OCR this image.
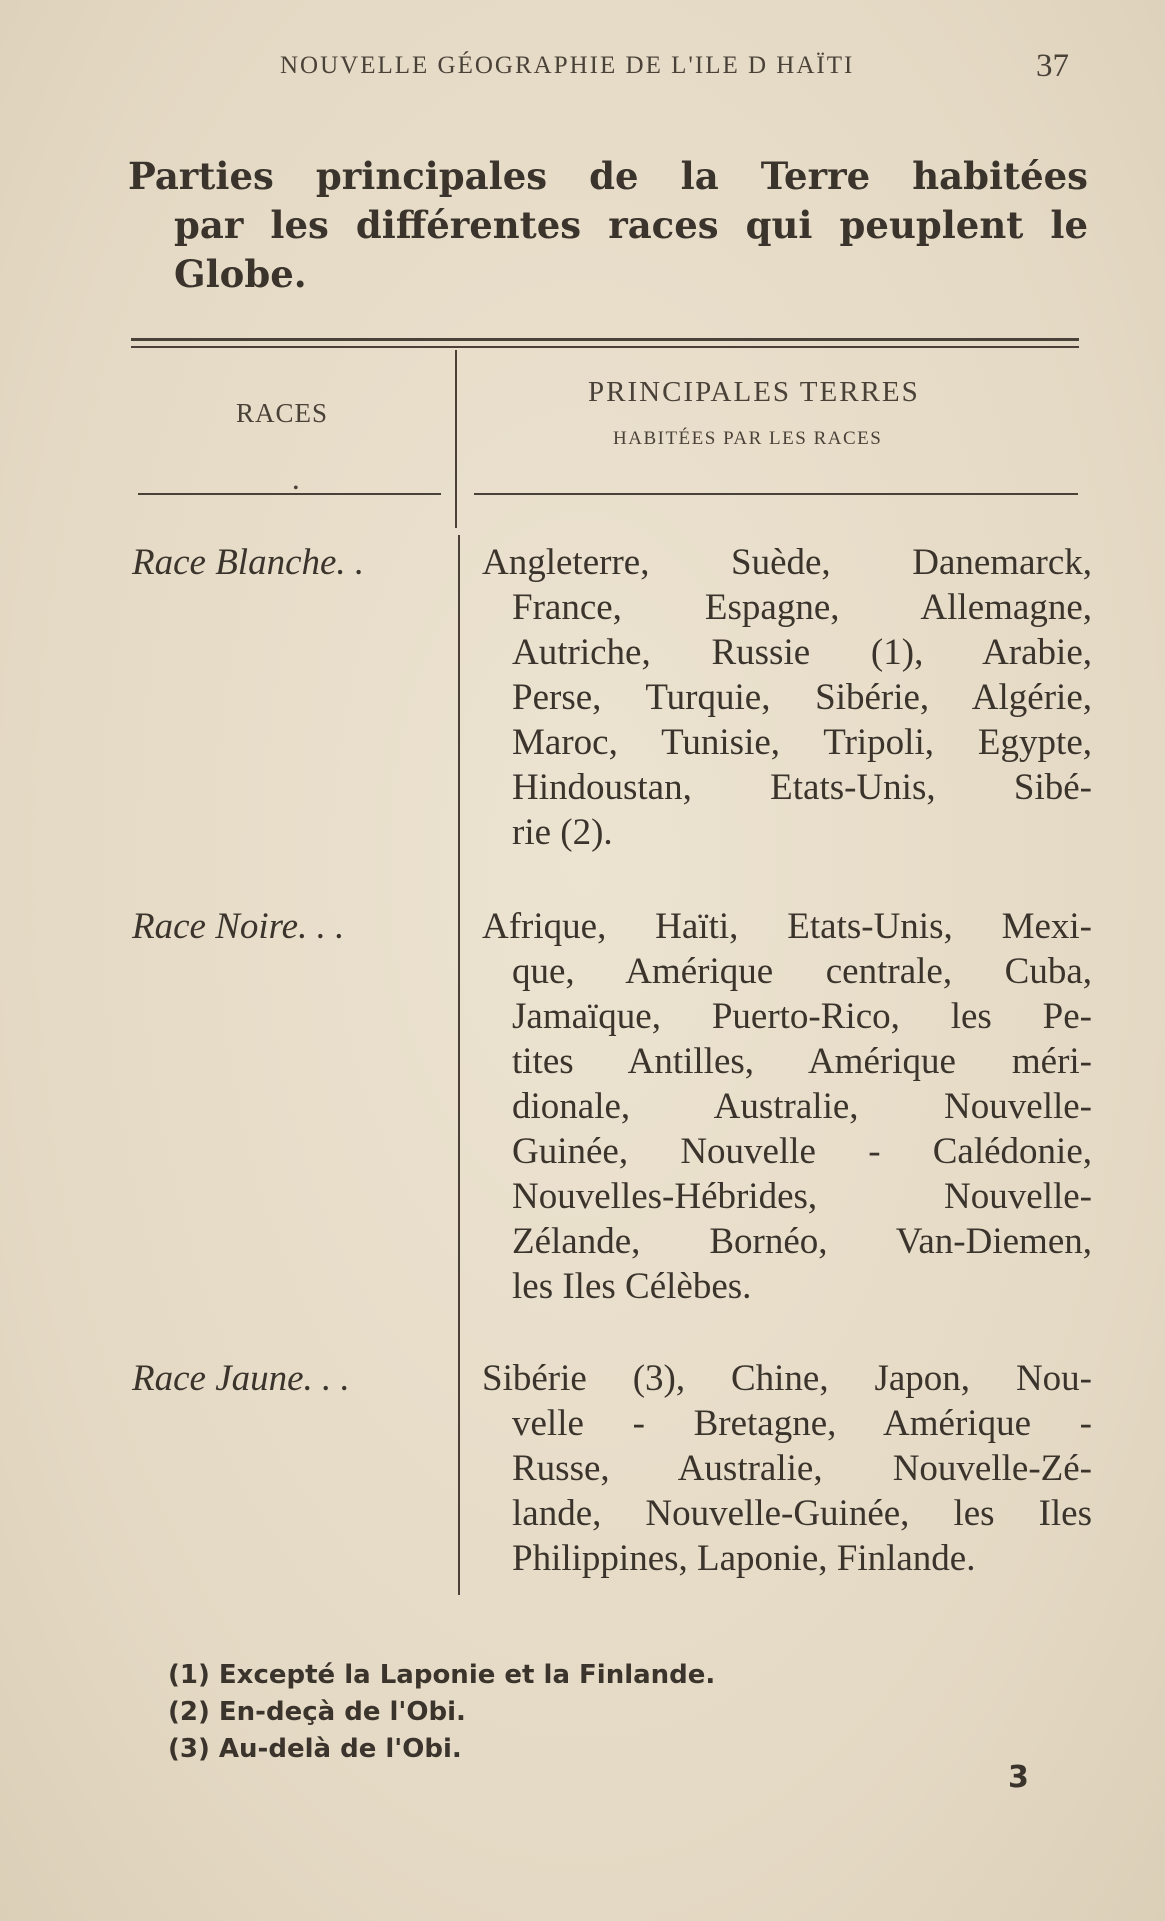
NOUVELLE GÉOGRAPHIE DE L'ILE D HAÏTI	37
Parties principales de la Terre habitées
par les différentes races qui peuplent le
Globe.
RACES
PRINCIPALES TERRES
HABITÉES PAR LES RACES
•
Race Blanche. .	Angleterre, Suède, Danemarck,
France, Espagne, Allemagne,
Autriche, Russie (1), Arabie,
Perse, Turquie, Sibérie, Algérie,
Maroc, Tunisie, Tripoli, Egypte,
Hindoustan, Etats-Unis, Sibé-
rie (2).
Race Noire. . .	Afrique, Haïti, Etats-Unis, Mexi-
que, Amérique centrale, Cuba,
Jamaïque, Puerto-Rico, les Pe-
tites Antilles, Amérique méri-
dionale, Australie, Nouvelle-
Guinée, Nouvelle - Calédonie,
Nouvelles-Hébrides, Nouvelle-
Zélande, Bornéo, Van-Diemen,
les Iles Célèbes.
Race Jaune. . .	Sibérie (3), Chine, Japon, Nou-
velle - Bretagne, Amérique -
Russe, Australie, Nouvelle-Zé-
lande, Nouvelle-Guinée, les Iles
Philippines, Laponie, Finlande.
(1) Excepté la Laponie et la Finlande.
(2) En-deçà de l'Obi.
(3) Au-delà de l'Obi.
3
